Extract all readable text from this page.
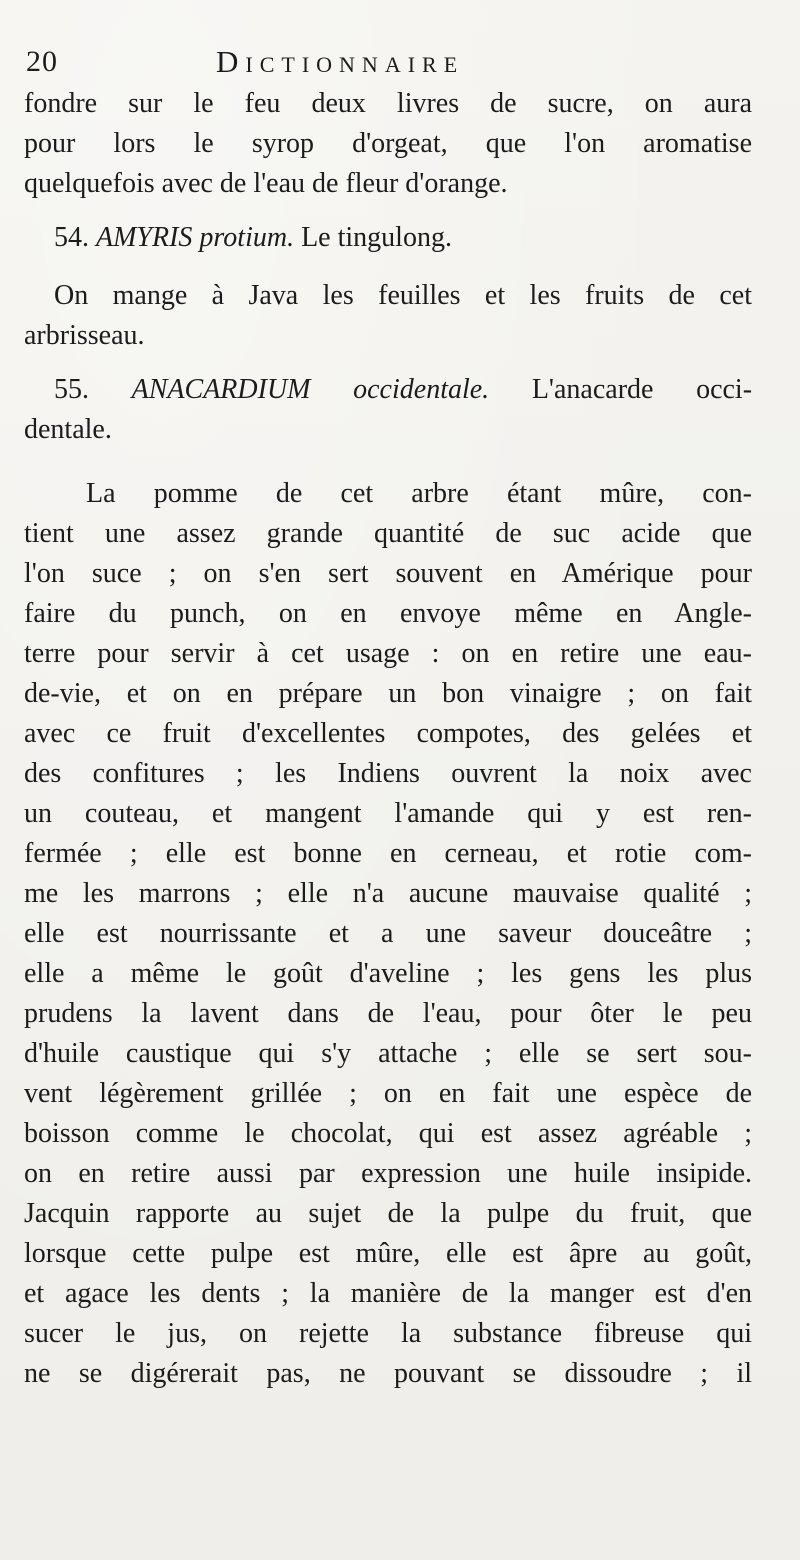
20	Dictionnaire
fondre sur le feu deux livres de sucre, on aura
pour lors le syrop d'orgeat, que l'on aromatise
quelquefois avec de l'eau de fleur d'orange.
54. AMYRIS protium. Le tingulong.
On mange à Java les feuilles et les fruits de cet
arbrisseau.
55. ANACARDIUM occidentale. L'anacarde occi-
dentale.
La pomme de cet arbre étant mûre, con-
tient une assez grande quantité de suc acide que
l'on suce ; on s'en sert souvent en Amérique pour
faire du punch, on en envoye même en Angle-
terre pour servir à cet usage : on en retire une eau-
de-vie, et on en prépare un bon vinaigre ; on fait
avec ce fruit d'excellentes compotes, des gelées et
des confitures ; les Indiens ouvrent la noix avec
un couteau, et mangent l'amande qui y est ren-
fermée ; elle est bonne en cerneau, et rotie com-
me les marrons ; elle n'a aucune mauvaise qualité ;
elle est nourrissante et a une saveur douceâtre ;
elle a même le goût d'aveline ; les gens les plus
prudens la lavent dans de l'eau, pour ôter le peu
d'huile caustique qui s'y attache ; elle se sert sou-
vent légèrement grillée ; on en fait une espèce de
boisson comme le chocolat, qui est assez agréable ;
on en retire aussi par expression une huile insipide.
Jacquin rapporte au sujet de la pulpe du fruit, que
lorsque cette pulpe est mûre, elle est âpre au goût,
et agace les dents ; la manière de la manger est d'en
sucer le jus, on rejette la substance fibreuse qui
ne se digérerait pas, ne pouvant se dissoudre ; il
